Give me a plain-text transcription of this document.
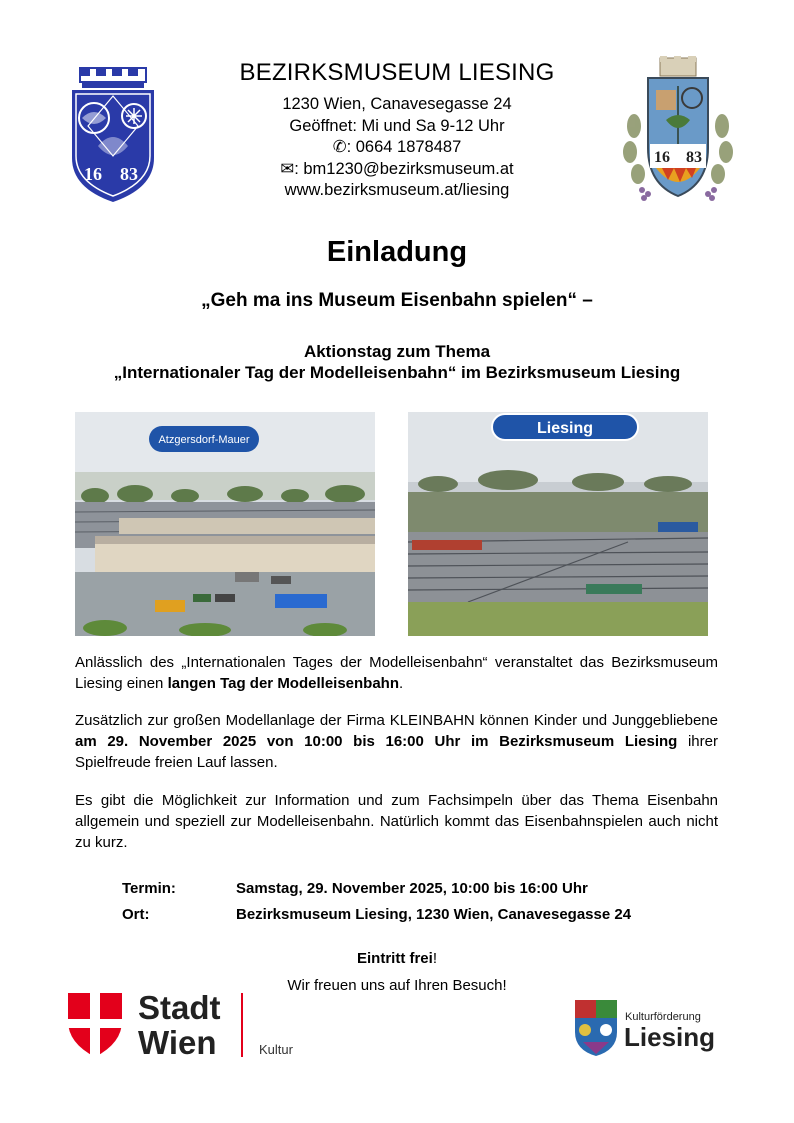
16 83
BEZIRKSMUSEUM LIESING
1230 Wien, Canavesegasse 24
Geöffnet: Mi und Sa 9-12 Uhr
✆: 0664 1878487
✉: bm1230@bezirksmuseum.at
www.bezirksmuseum.at/liesing
16 83
Einladung
„Geh ma ins Museum Eisenbahn spielen“ –
Aktionstag zum Thema
„Internationaler Tag der Modelleisenbahn“ im Bezirksmuseum Liesing
Atzgersdorf-Mauer
Liesing
Anlässlich des „Internationalen Tages der Modelleisenbahn“ veranstaltet das Bezirksmuseum Liesing einen langen Tag der Modelleisenbahn.
Zusätzlich zur großen Modellanlage der Firma KLEINBAHN können Kinder und Junggebliebene am 29. November 2025 von 10:00 bis 16:00 Uhr im Bezirksmuseum Liesing ihrer Spielfreude freien Lauf lassen.
Es gibt die Möglichkeit zur Information und zum Fachsimpeln über das Thema Eisenbahn allgemein und speziell zur Modelleisenbahn. Natürlich kommt das Eisenbahnspielen auch nicht zu kurz.
Termin:	Samstag, 29. November 2025, 10:00 bis 16:00 Uhr
Ort:	Bezirksmuseum Liesing, 1230 Wien, Canavesegasse 24
Eintritt frei!
Wir freuen uns auf Ihren Besuch!
Stadt
Wien	Kultur
Kulturförderung
Liesing
